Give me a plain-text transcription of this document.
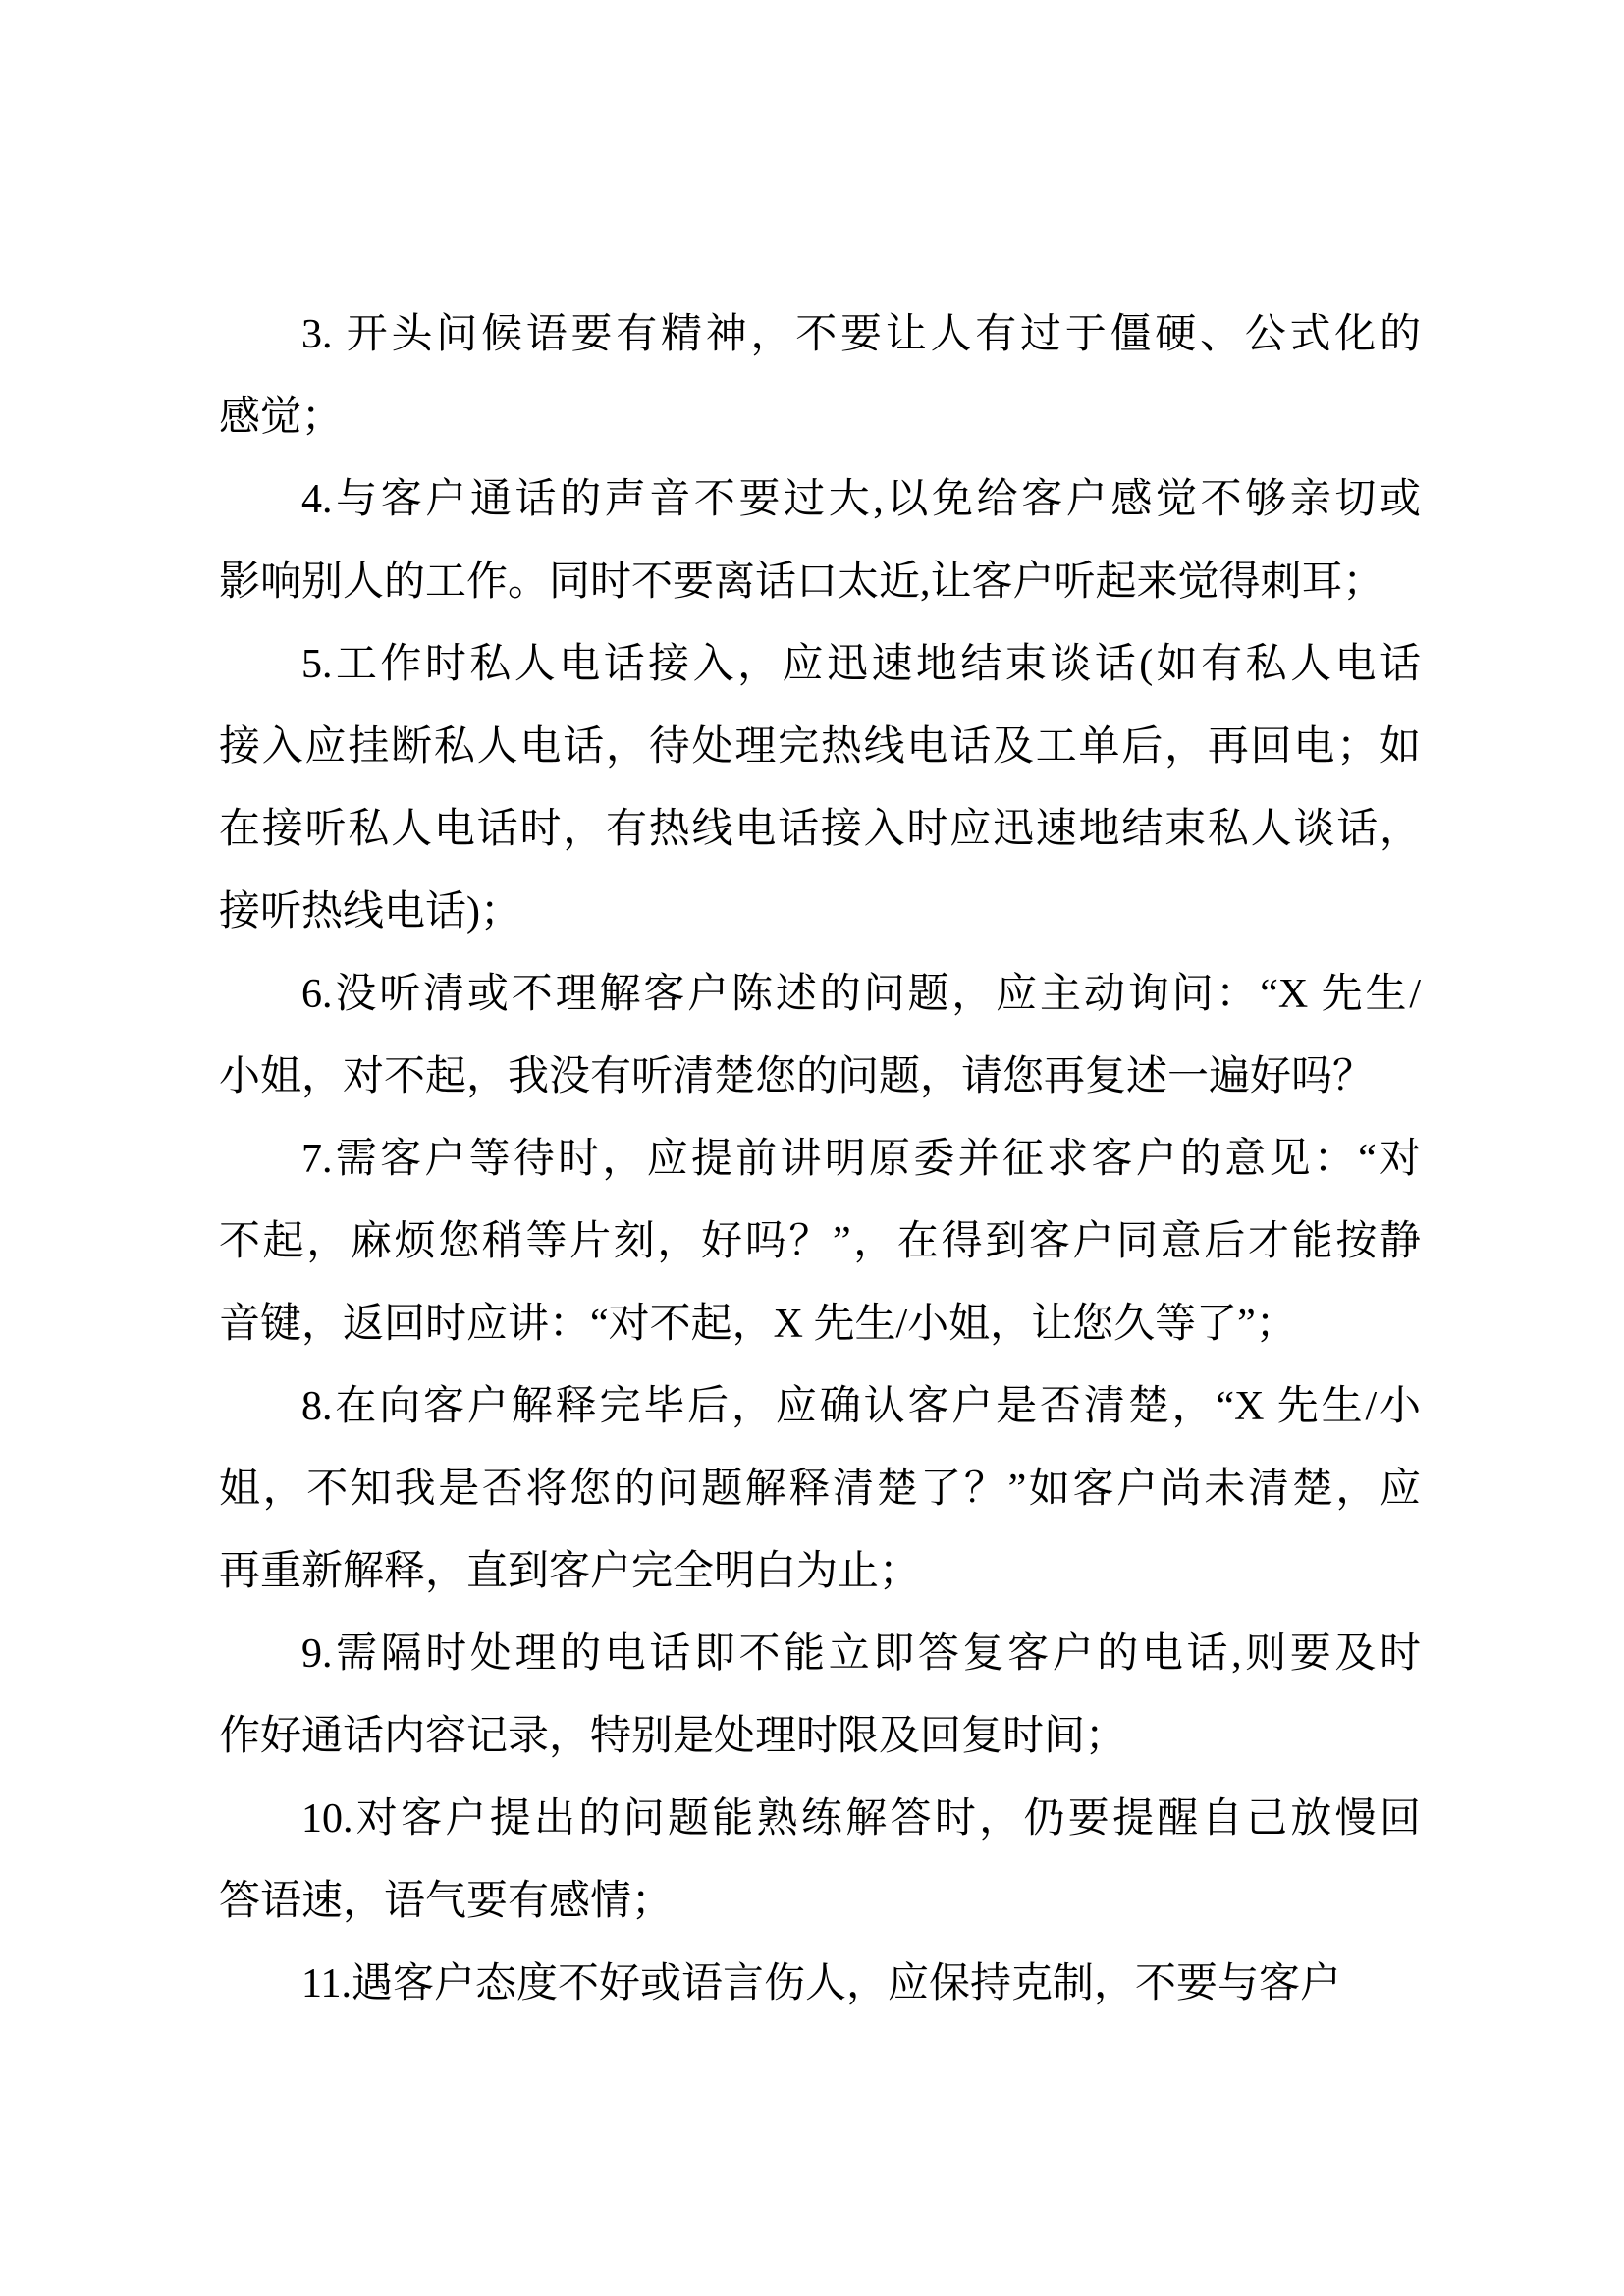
3. 开头问候语要有精神，不要让人有过于僵硬、公式化的
感觉；
4.与客户通话的声音不要过大,以免给客户感觉不够亲切或
影响别人的工作。同时不要离话口太近,让客户听起来觉得刺耳；
5.工作时私人电话接入，应迅速地结束谈话(如有私人电话
接入应挂断私人电话，待处理完热线电话及工单后，再回电；如
在接听私人电话时，有热线电话接入时应迅速地结束私人谈话，
接听热线电话)；
6.没听清或不理解客户陈述的问题，应主动询问：“X 先生/
小姐，对不起，我没有听清楚您的问题，请您再复述一遍好吗？
7.需客户等待时，应提前讲明原委并征求客户的意见：“对
不起，麻烦您稍等片刻，好吗？”，在得到客户同意后才能按静
音键，返回时应讲：“对不起，X 先生/小姐，让您久等了”；
8.在向客户解释完毕后，应确认客户是否清楚，“X 先生/小
姐，不知我是否将您的问题解释清楚了？”如客户尚未清楚，应
再重新解释，直到客户完全明白为止；
9.需隔时处理的电话即不能立即答复客户的电话,则要及时
作好通话内容记录，特别是处理时限及回复时间；
10.对客户提出的问题能熟练解答时，仍要提醒自己放慢回
答语速，语气要有感情；
11.遇客户态度不好或语言伤人，应保持克制，不要与客户
